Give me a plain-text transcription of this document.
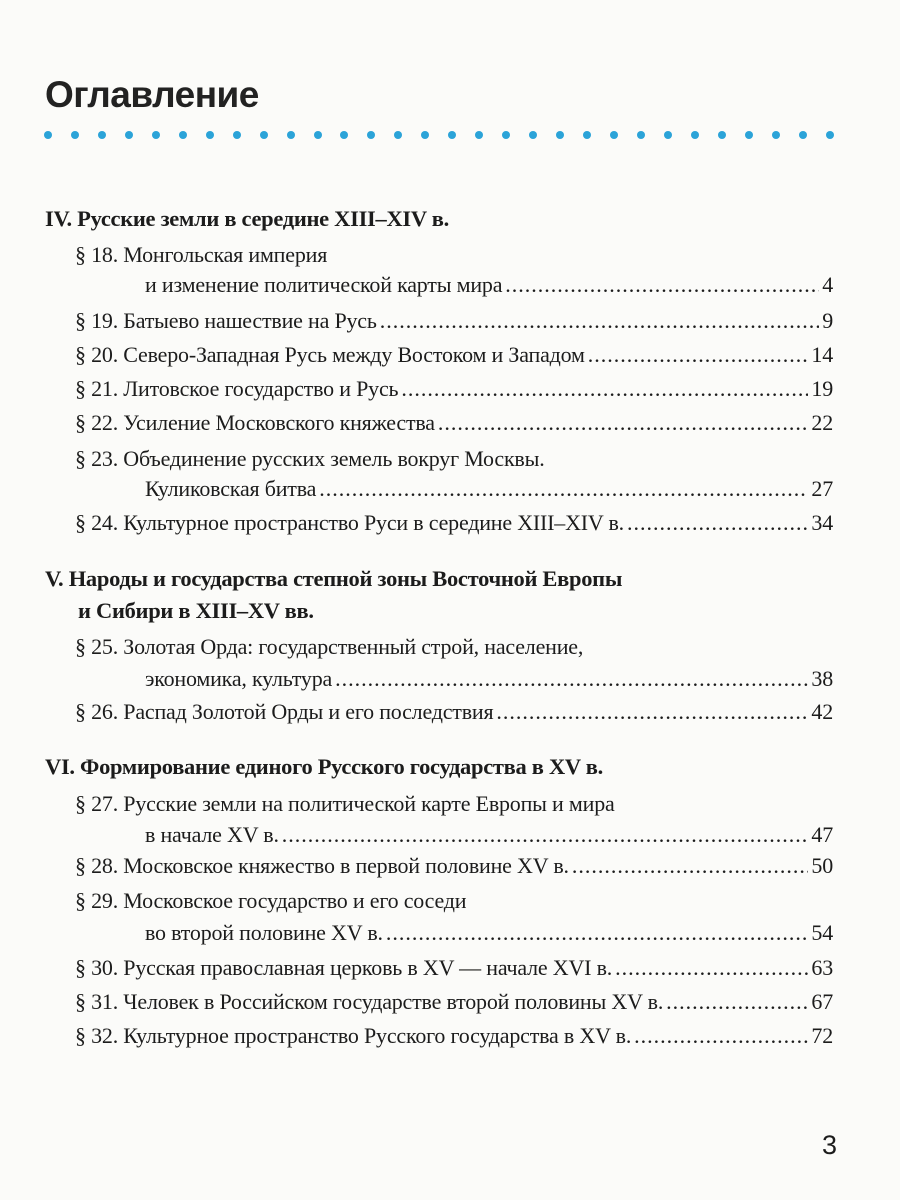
Оглавление
IV. Русские земли в середине XIII–XIV в.
§ 18. Монгольская империя
и изменение политической карты мира .....	4
§ 19. Батыево нашествие на Русь .....	9
§ 20. Северо-Западная Русь между Востоком и Западом .....	14
§ 21. Литовское государство и Русь .....	19
§ 22. Усиление Московского княжества .....	22
§ 23. Объединение русских земель вокруг Москвы.
Куликовская битва .....	27
§ 24. Культурное пространство Руси в середине XIII–XIV в. .....	34
V. Народы и государства степной зоны Восточной Европы
и Сибири в XIII–XV вв.
§ 25. Золотая Орда: государственный строй, население,
экономика, культура .....	38
§ 26. Распад Золотой Орды и его последствия .....	42
VI. Формирование единого Русского государства в XV в.
§ 27. Русские земли на политической карте Европы и мира
в начале XV в. .....	47
§ 28. Московское княжество в первой половине XV в. .....	50
§ 29. Московское государство и его соседи
во второй половине XV в. .....	54
§ 30. Русская православная церковь в XV — начале XVI в. .....	63
§ 31. Человек в Российском государстве второй половины XV в. .....	67
§ 32. Культурное пространство Русского государства в XV в. .....	72
3
